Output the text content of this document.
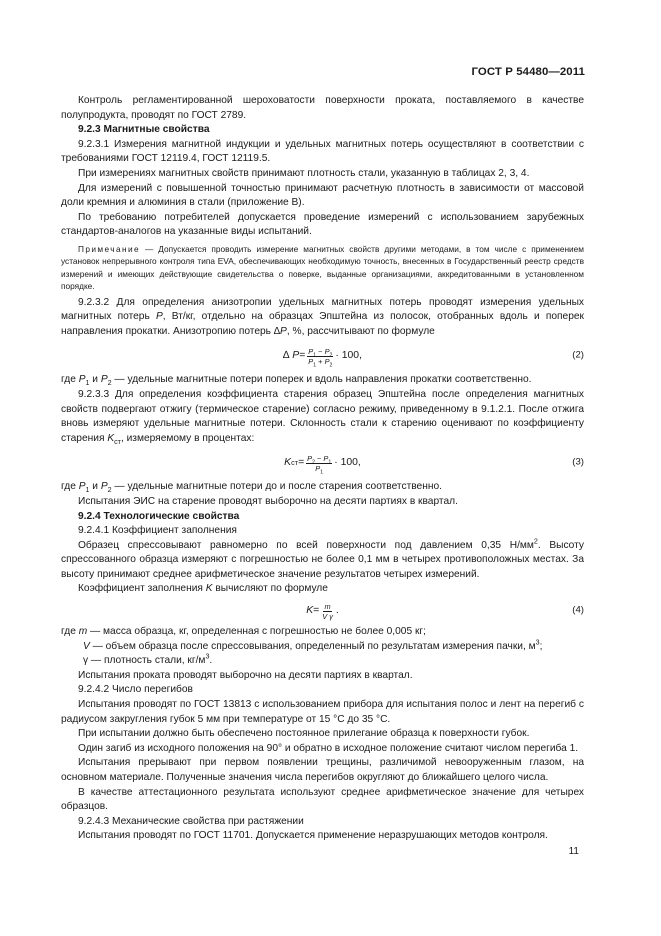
ГОСТ Р 54480—2011

Контроль регламентированной шероховатости поверхности проката, поставляемого в качестве полупродукта, проводят по ГОСТ 2789.

9.2.3 Магнитные свойства

9.2.3.1 Измерения магнитной индукции и удельных магнитных потерь осуществляют в соответствии с требованиями ГОСТ 12119.4, ГОСТ 12119.5.

При измерениях магнитных свойств принимают плотность стали, указанную в таблицах 2, 3, 4.

Для измерений с повышенной точностью принимают расчетную плотность в зависимости от массовой доли кремния и алюминия в стали (приложение В).

По требованию потребителей допускается проведение измерений с использованием зарубежных стандартов-аналогов на указанные виды испытаний.

Примечание — Допускается проводить измерение магнитных свойств другими методами, в том числе с применением установок непрерывного контроля типа EVA, обеспечивающих необходимую точность, внесенных в Государственный реестр средств измерений и имеющих действующие свидетельства о поверке, выданные организациями, аккредитованными в установленном порядке.

9.2.3.2 Для определения анизотропии удельных магнитных потерь проводят измерения удельных магнитных потерь P, Вт/кг, отдельно на образцах Эпштейна из полосок, отобранных вдоль и поперек направления прокатки. Анизотропию потерь ∆P, %, рассчитывают по формуле

∆
$P = \frac{P_1 - P_2}{P_1 + P_2} \cdot 100$,	(2)

где $P_1$ и $P_2$ — удельные магнитные потери поперек и вдоль направления прокатки соответственно.

9.2.3.3 Для определения коэффициента старения образец Эпштейна после определения магнитных свойств подвергают отжигу (термическое старение) согласно режиму, приведенному в 9.1.2.1. После отжига вновь измеряют удельные магнитные потери. Склонность стали к старению оценивают по коэффициенту старения $K_{ст}$, измеряемому в процентах:

K ст = $\frac{P_2 - P_1}{P_1} \cdot 100$,	(3)

где $P_1$ и $P_2$ — удельные магнитные потери до и после старения соответственно.

Испытания ЭИС на старение проводят выборочно на десяти партиях в квартал.

9.2.4 Технологические свойства

9.2.4.1 Коэффициент заполнения

Образец спрессовывают равномерно по всей поверхности под давлением 0,35 $Н/мм^2$. Высоту спрессованного образца измеряют с погрешностью не более 0,1 мм в четырех противоположных местах. За высоту принимают среднее арифметическое значение результатов четырех измерений.

Коэффициент заполнения K вычисляют по формуле

$K = \frac{m}{\text{V γ}}$ .	(4)

где m — масса образца, кг, определенная с погрешностью не более 0,005 кг;

V — объем образца после спрессовывания, определенный по результатам измерения пачки, $м^3$;

γ — плотность стали, $кг/м^3$.

Испытания проката проводят выборочно на десяти партиях в квартал.

9.2.4.2 Число перегибов

Испытания проводят по ГОСТ 13813 с использованием прибора для испытания полос и лент на перегиб с радиусом закругления губок 5 мм при температуре от 15 °С до 35 °С.

При испытании должно быть обеспечено постоянное прилегание образца к поверхности губок.

Один загиб из исходного положения на 90° и обратно в исходное положение считают числом перегиба 1.

Испытания прерывают при первом появлении трещины, различимой невооруженным глазом, на основном материале. Полученные значения числа перегибов округляют до ближайшего целого числа.

В качестве аттестационного результата используют среднее арифметическое значение для четырех образцов.

9.2.4.3 Механические свойства при растяжении

Испытания проводят по ГОСТ 11701. Допускается применение неразрушающих методов контроля.

11
